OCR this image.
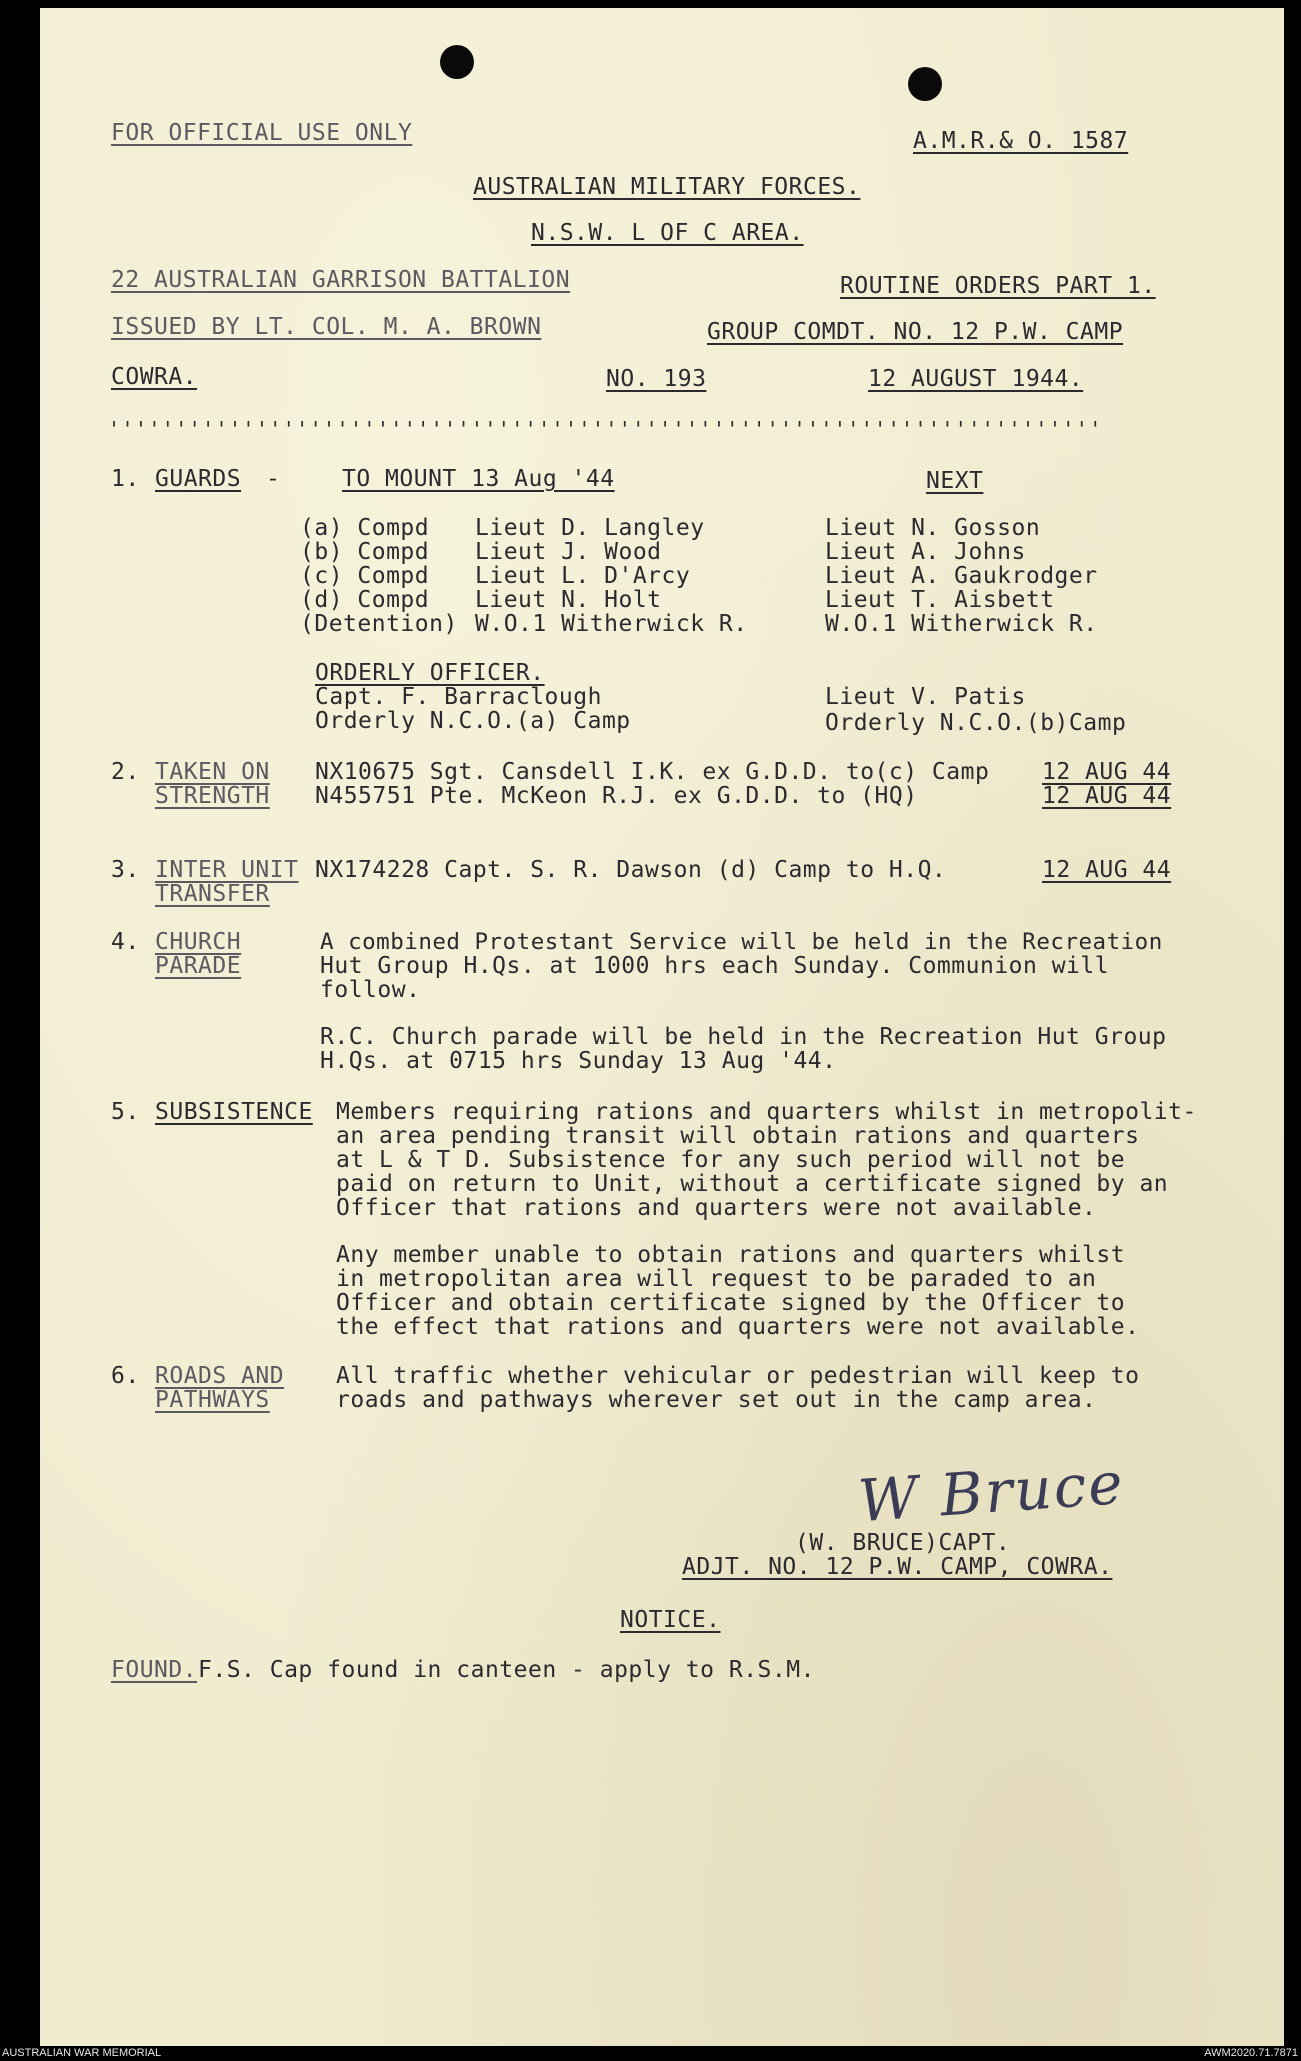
FOR OFFICIAL USE ONLY	A.M.R.& O. 1587
AUSTRALIAN MILITARY FORCES.
N.S.W. L OF C AREA.
22 AUSTRALIAN GARRISON BATTALION	ROUTINE ORDERS PART 1.
ISSUED BY LT. COL. M. A. BROWN	GROUP COMDT. NO. 12 P.W. CAMP
COWRA.	NO. 193	12 AUGUST 1944.
''''''''''''''''''''''''''''''''''''''''''''''''''''''''''''''''''''''''''
1. GUARDS -	TO MOUNT 13 Aug '44	NEXT
(a) Compd Lieut D. Langley	Lieut N. Gosson
(b) Compd Lieut J. Wood	Lieut A. Johns
(c) Compd Lieut L. D'Arcy	Lieut A. Gaukrodger
(d) Compd Lieut N. Holt	Lieut T. Aisbett
(Detention) W.O.1 Witherwick R.	W.O.1 Witherwick R.
ORDERLY OFFICER.
Capt. F. Barraclough	Lieut V. Patis
Orderly N.C.O.(a) Camp	Orderly N.C.O.(b)Camp
2. TAKEN ON
STRENGTH
NX10675 Sgt. Cansdell I.K. ex G.D.D. to(c) Camp 12 AUG 44
N455751 Pte. McKeon R.J. ex G.D.D. to (HQ)	12 AUG 44
3. INTER UNIT
TRANSFER
NX174228 Capt. S. R. Dawson (d) Camp to H.Q.	12 AUG 44
4. CHURCH
PARADE
A combined Protestant Service will be held in the Recreation
Hut Group H.Qs. at 1000 hrs each Sunday. Communion will
follow.
R.C. Church parade will be held in the Recreation Hut Group
H.Qs. at 0715 hrs Sunday 13 Aug '44.
5. SUBSISTENCE Members requiring rations and quarters whilst in metropolit-
an area pending transit will obtain rations and quarters
at L & T D. Subsistence for any such period will not be
paid on return to Unit, without a certificate signed by an
Officer that rations and quarters were not available.
Any member unable to obtain rations and quarters whilst
in metropolitan area will request to be paraded to an
Officer and obtain certificate signed by the Officer to
the effect that rations and quarters were not available.
6. ROADS AND
PATHWAYS
All traffic whether vehicular or pedestrian will keep to
roads and pathways wherever set out in the camp area.
W Bruce
(W. BRUCE)CAPT.
ADJT. NO. 12 P.W. CAMP, COWRA.
NOTICE.
FOUND. F.S. Cap found in canteen - apply to R.S.M.
AUSTRALIAN WAR MEMORIAL	AWM2020.71.7871
